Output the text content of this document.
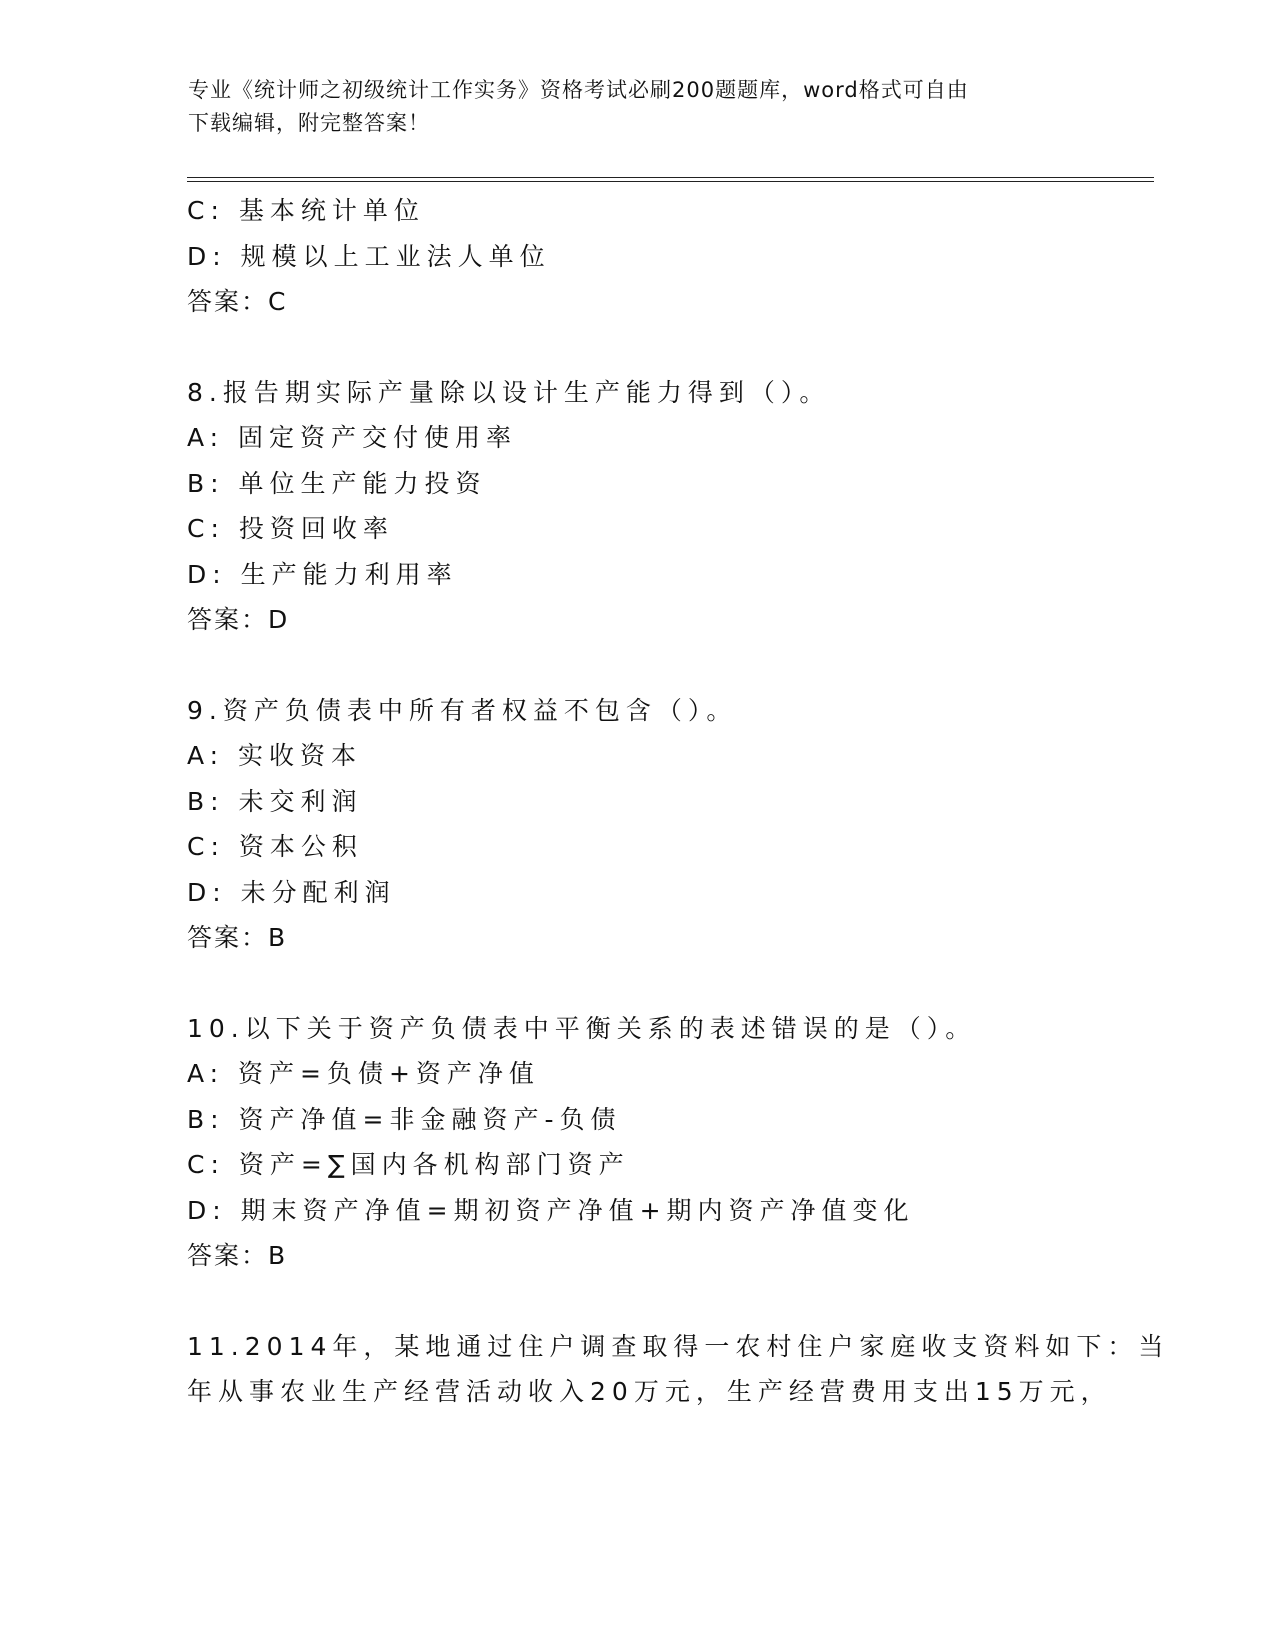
专业《统计师之初级统计工作实务》资格考试必刷200题题库，word格式可自由
下载编辑，附完整答案！
C: 基本统计单位
D: 规模以上工业法人单位
答案：C
8.报告期实际产量除以设计生产能力得到（）。
A: 固定资产交付使用率
B: 单位生产能力投资
C: 投资回收率
D: 生产能力利用率
答案：D
9.资产负债表中所有者权益不包含（）。
A: 实收资本
B: 未交利润
C: 资本公积
D: 未分配利润
答案：B
10.以下关于资产负债表中平衡关系的表述错误的是（）。
A: 资产=负债+资产净值
B: 资产净值=非金融资产-负债
C: 资产=∑国内各机构部门资产
D: 期末资产净值=期初资产净值+期内资产净值变化
答案：B
11.2014年，某地通过住户调查取得一农村住户家庭收支资料如下：当
年从事农业生产经营活动收入20万元，生产经营费用支出15万元，
